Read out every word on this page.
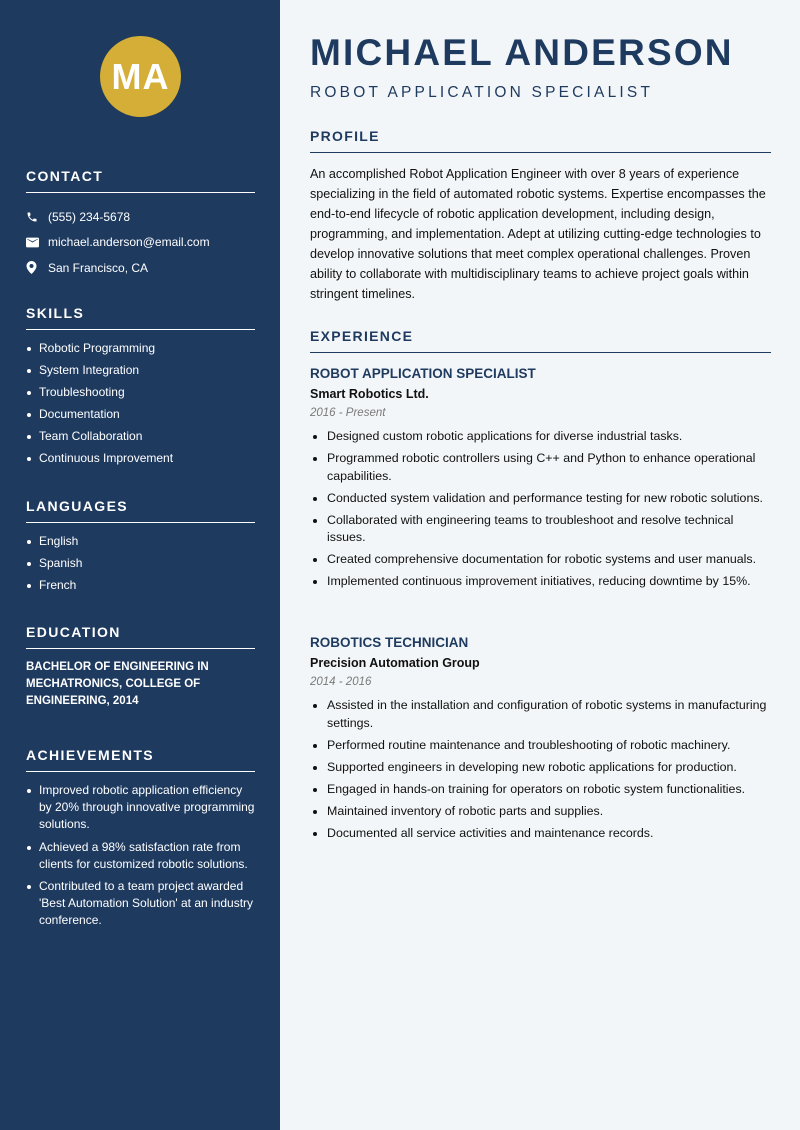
MA
CONTACT
(555) 234-5678
michael.anderson@email.com
San Francisco, CA
SKILLS
Robotic Programming
System Integration
Troubleshooting
Documentation
Team Collaboration
Continuous Improvement
LANGUAGES
English
Spanish
French
EDUCATION
BACHELOR OF ENGINEERING IN MECHATRONICS, COLLEGE OF ENGINEERING, 2014
ACHIEVEMENTS
Improved robotic application efficiency by 20% through innovative programming solutions.
Achieved a 98% satisfaction rate from clients for customized robotic solutions.
Contributed to a team project awarded 'Best Automation Solution' at an industry conference.
MICHAEL ANDERSON
ROBOT APPLICATION SPECIALIST
PROFILE
An accomplished Robot Application Engineer with over 8 years of experience specializing in the field of automated robotic systems. Expertise encompasses the end-to-end lifecycle of robotic application development, including design, programming, and implementation. Adept at utilizing cutting-edge technologies to develop innovative solutions that meet complex operational challenges. Proven ability to collaborate with multidisciplinary teams to achieve project goals within stringent timelines.
EXPERIENCE
ROBOT APPLICATION SPECIALIST
Smart Robotics Ltd.
2016 - Present
Designed custom robotic applications for diverse industrial tasks.
Programmed robotic controllers using C++ and Python to enhance operational capabilities.
Conducted system validation and performance testing for new robotic solutions.
Collaborated with engineering teams to troubleshoot and resolve technical issues.
Created comprehensive documentation for robotic systems and user manuals.
Implemented continuous improvement initiatives, reducing downtime by 15%.
ROBOTICS TECHNICIAN
Precision Automation Group
2014 - 2016
Assisted in the installation and configuration of robotic systems in manufacturing settings.
Performed routine maintenance and troubleshooting of robotic machinery.
Supported engineers in developing new robotic applications for production.
Engaged in hands-on training for operators on robotic system functionalities.
Maintained inventory of robotic parts and supplies.
Documented all service activities and maintenance records.
